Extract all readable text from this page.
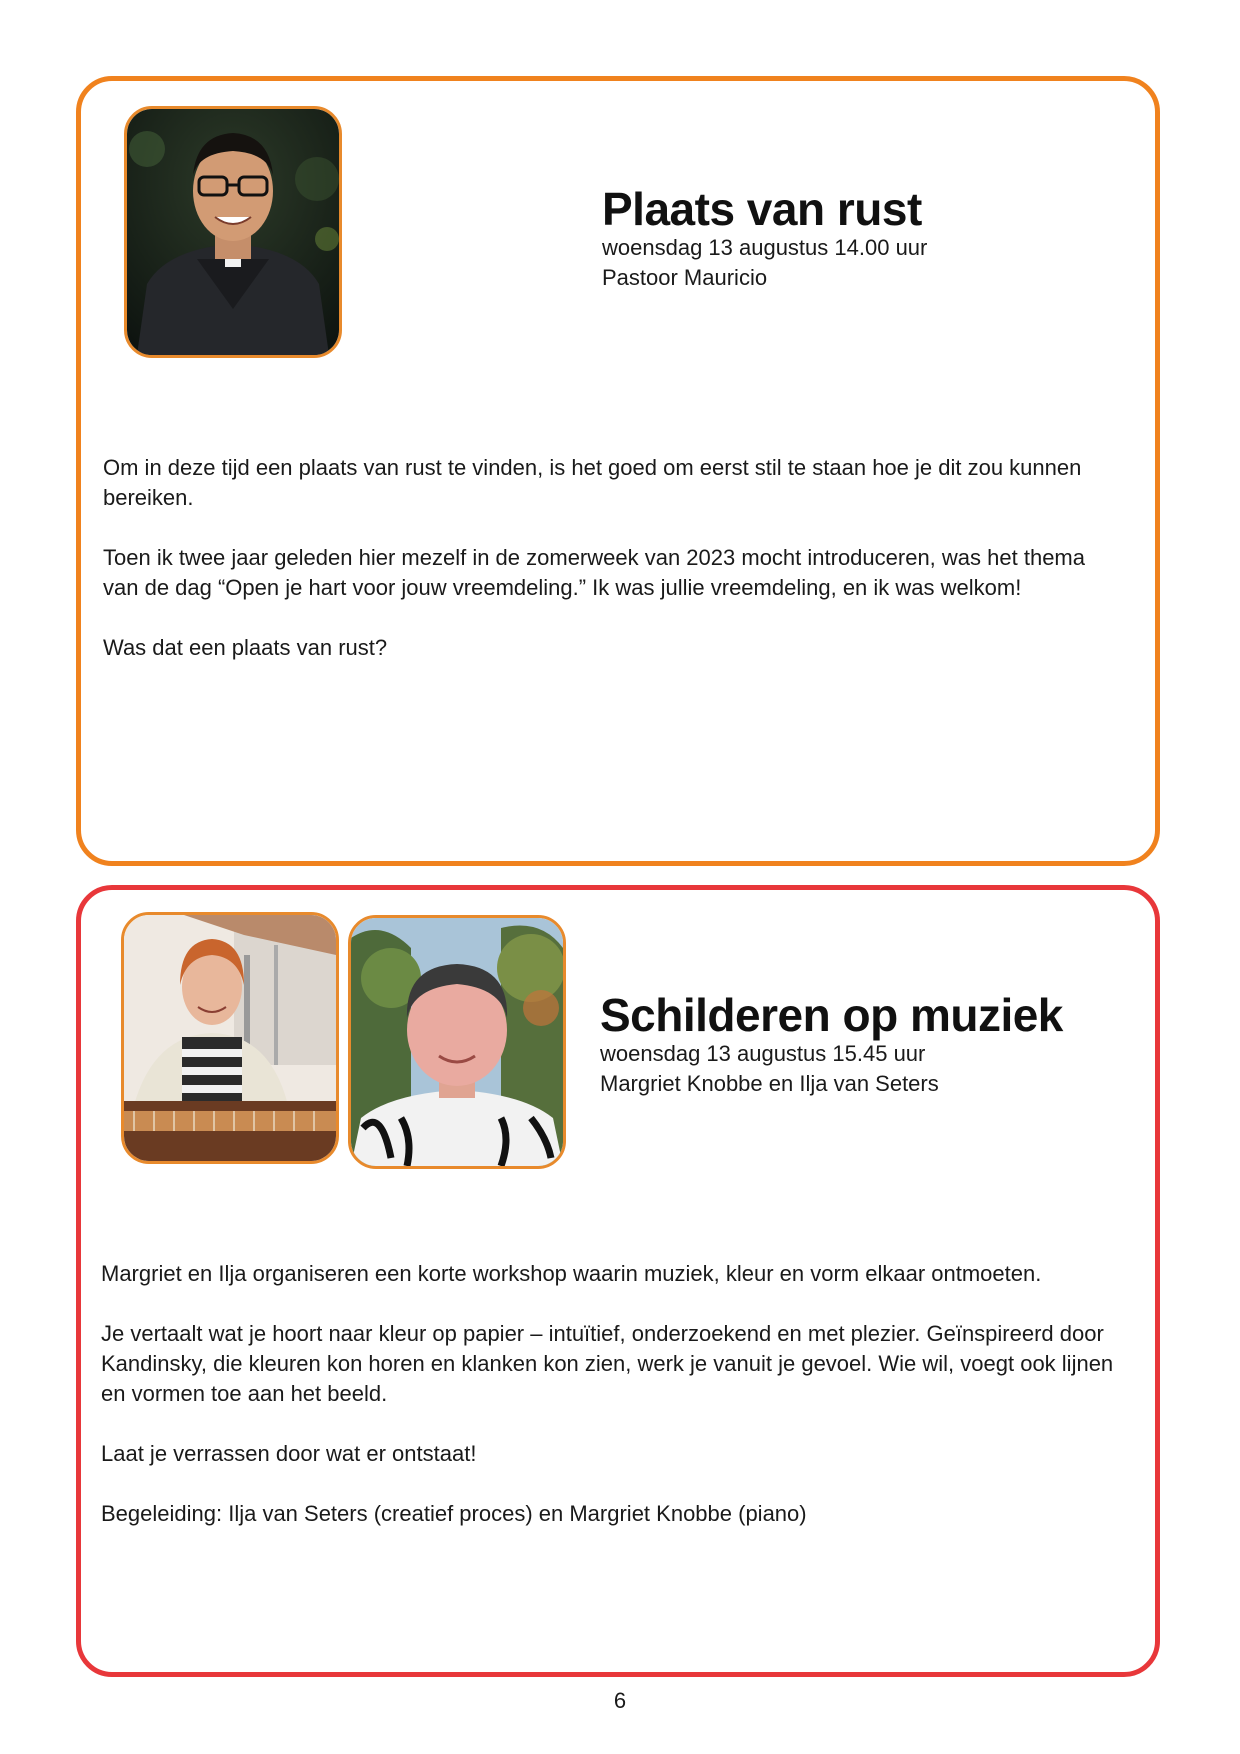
Plaats van rust
woensdag 13 augustus 14.00 uur
Pastoor Mauricio

Om in deze tijd een plaats van rust te vinden, is het goed om eerst stil te staan hoe je dit zou kunnen bereiken.

Toen ik twee jaar geleden hier mezelf in de zomerweek van 2023 mocht introduceren, was het thema van de dag “Open je hart voor jouw vreemdeling.” Ik was jullie vreemdeling, en ik was welkom!

Was dat een plaats van rust?

Schilderen op muziek
woensdag 13 augustus 15.45 uur
Margriet Knobbe en Ilja van Seters

Margriet en Ilja organiseren een korte workshop waarin muziek, kleur en vorm elkaar ontmoeten.

Je vertaalt wat je hoort naar kleur op papier – intuïtief, onderzoekend en met plezier. Geïnspireerd door Kandinsky, die kleuren kon horen en klanken kon zien, werk je vanuit je gevoel. Wie wil, voegt ook lijnen en vormen toe aan het beeld.

Laat je verrassen door wat er ontstaat!

Begeleiding: Ilja van Seters (creatief proces) en Margriet Knobbe (piano)

6
